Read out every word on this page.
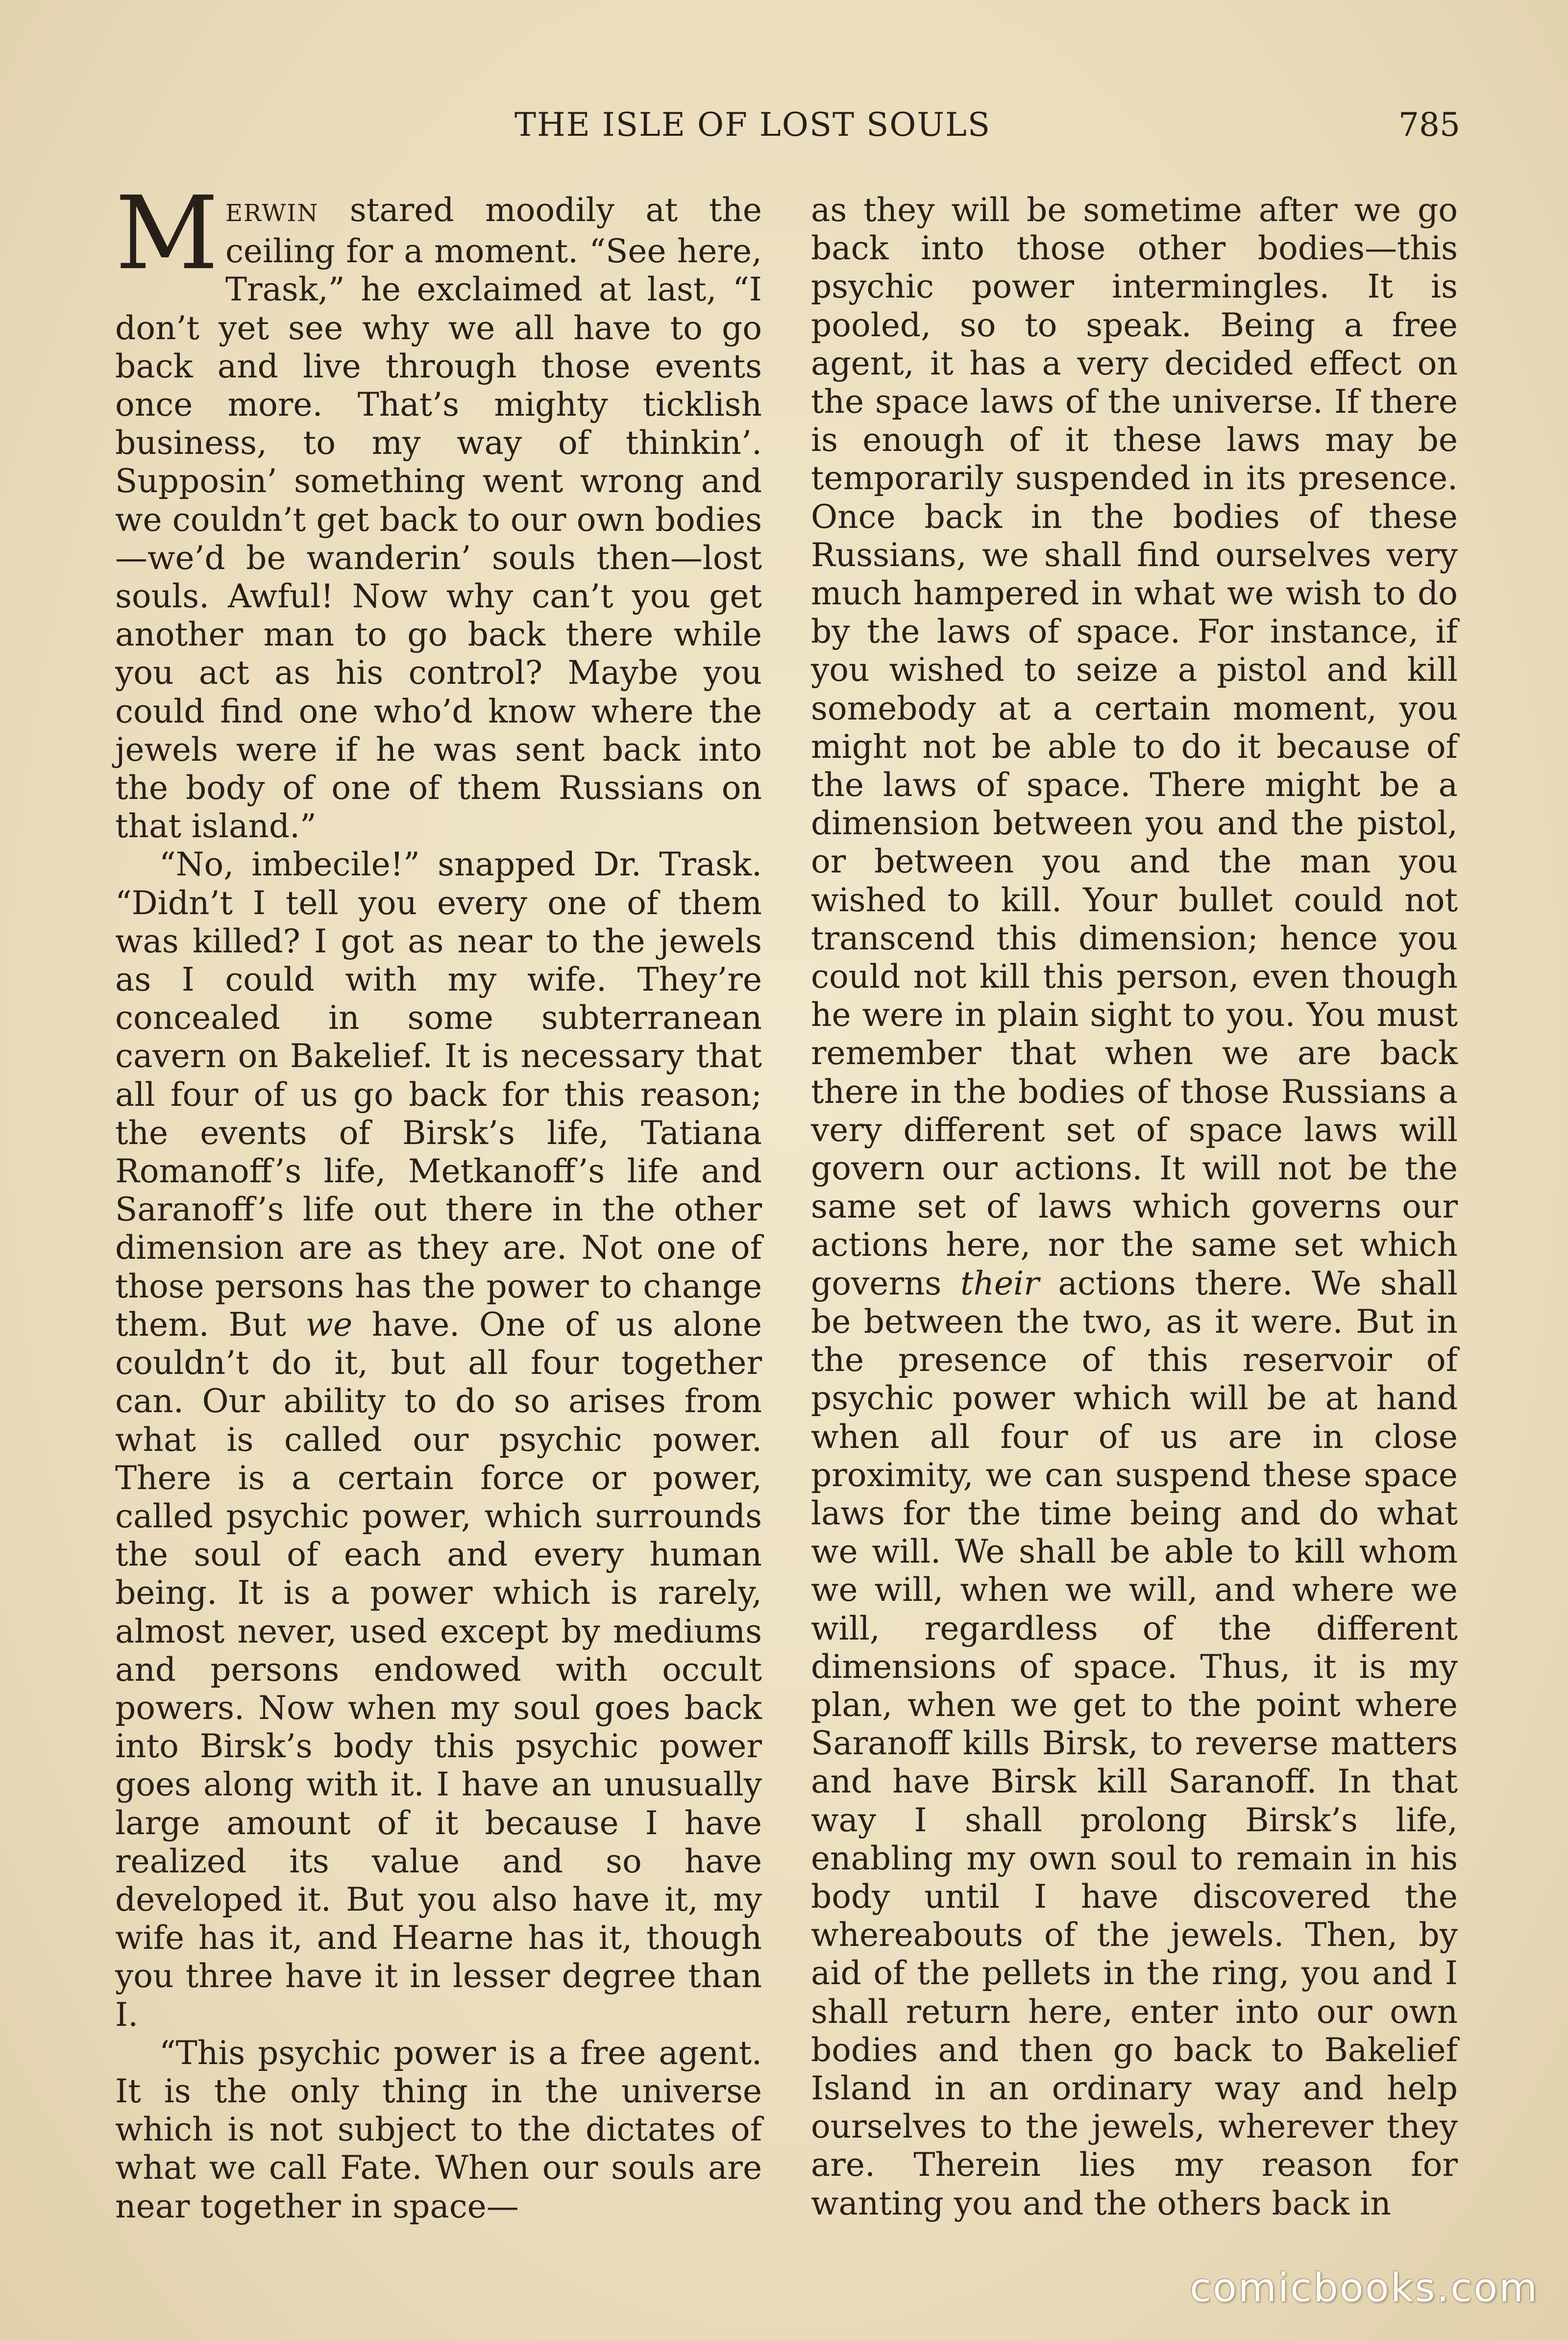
THE ISLE OF LOST SOULS	785

MERWIN stared moodily at the ceiling for a moment. “See here, Trask,” he exclaimed at last, “I don’t yet see why we all have to go back and live through those events once more. That’s mighty ticklish business, to my way of thinkin’. Supposin’ something went wrong and we couldn’t get back to our own bodies—we’d be wanderin’ souls then—lost souls. Awful! Now why can’t you get another man to go back there while you act as his control? Maybe you could find one who’d know where the jewels were if he was sent back into the body of one of them Russians on that island.”

“No, imbecile!” snapped Dr. Trask. “Didn’t I tell you every one of them was killed? I got as near to the jewels as I could with my wife. They’re concealed in some subterranean cavern on Bakelief. It is necessary that all four of us go back for this reason; the events of Birsk’s life, Tatiana Romanoff’s life, Metkanoff’s life and Saranoff’s life out there in the other dimension are as they are. Not one of those persons has the power to change them. But we have. One of us alone couldn’t do it, but all four together can. Our ability to do so arises from what is called our psychic power. There is a certain force or power, called psychic power, which surrounds the soul of each and every human being. It is a power which is rarely, almost never, used except by mediums and persons endowed with occult powers. Now when my soul goes back into Birsk’s body this psychic power goes along with it. I have an unusually large amount of it because I have realized its value and so have developed it. But you also have it, my wife has it, and Hearne has it, though you three have it in lesser degree than I.

“This psychic power is a free agent. It is the only thing in the universe which is not subject to the dictates of what we call Fate. When our souls are near together in space—

as they will be sometime after we go back into those other bodies—this psychic power intermingles. It is pooled, so to speak. Being a free agent, it has a very decided effect on the space laws of the universe. If there is enough of it these laws may be temporarily suspended in its presence. Once back in the bodies of these Russians, we shall find ourselves very much hampered in what we wish to do by the laws of space. For instance, if you wished to seize a pistol and kill somebody at a certain moment, you might not be able to do it because of the laws of space. There might be a dimension between you and the pistol, or between you and the man you wished to kill. Your bullet could not transcend this dimension; hence you could not kill this person, even though he were in plain sight to you. You must remember that when we are back there in the bodies of those Russians a very different set of space laws will govern our actions. It will not be the same set of laws which governs our actions here, nor the same set which governs their actions there. We shall be between the two, as it were. But in the presence of this reservoir of psychic power which will be at hand when all four of us are in close proximity, we can suspend these space laws for the time being and do what we will. We shall be able to kill whom we will, when we will, and where we will, regardless of the different dimensions of space. Thus, it is my plan, when we get to the point where Saranoff kills Birsk, to reverse matters and have Birsk kill Saranoff. In that way I shall prolong Birsk’s life, enabling my own soul to remain in his body until I have discovered the whereabouts of the jewels. Then, by aid of the pellets in the ring, you and I shall return here, enter into our own bodies and then go back to Bakelief Island in an ordinary way and help ourselves to the jewels, wherever they are. Therein lies my reason for wanting you and the others back in

comicbooks.com
